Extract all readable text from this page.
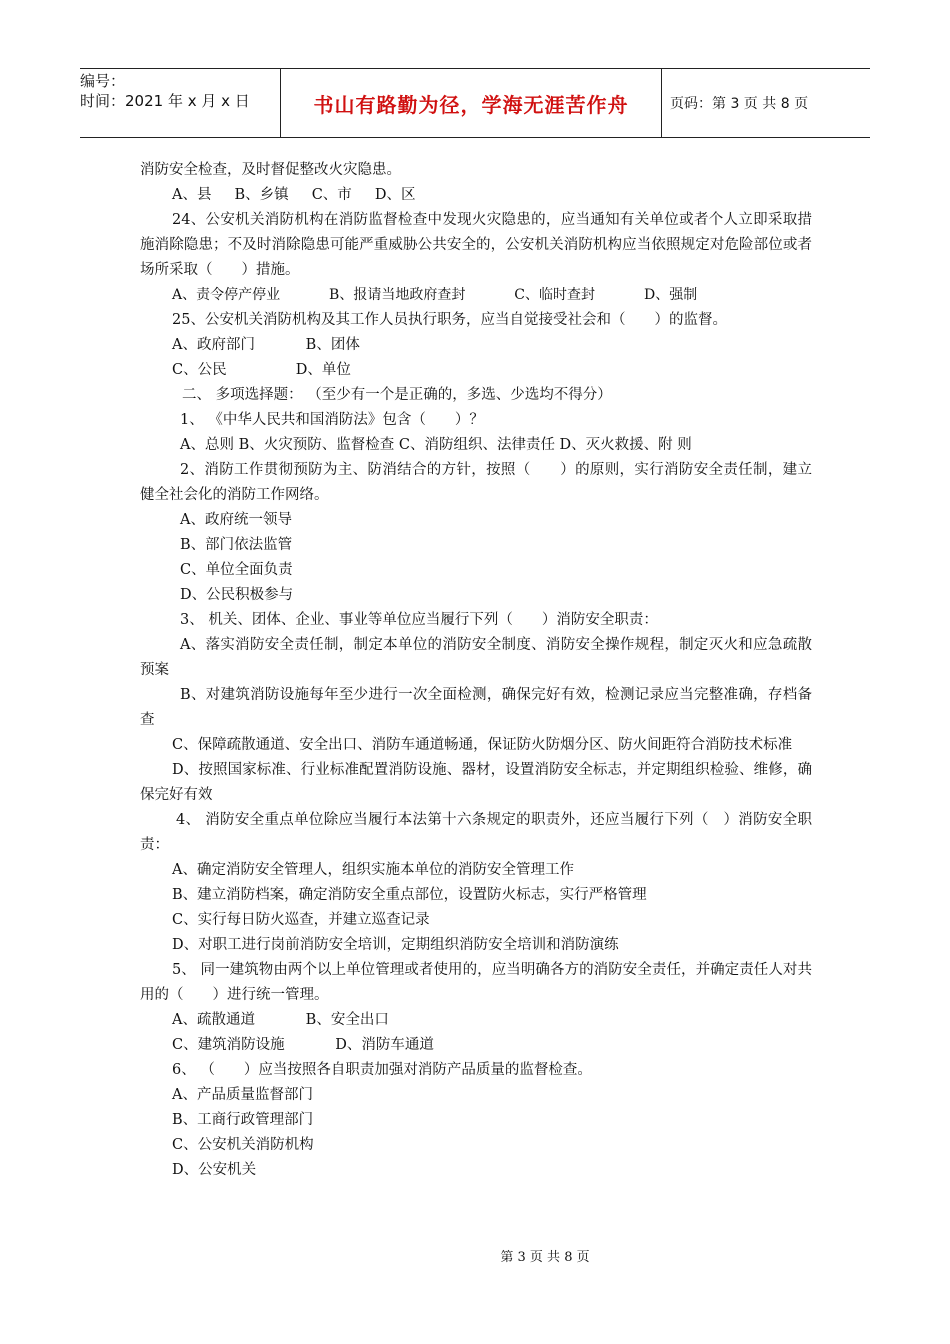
编号：
时间：2021 年 x 月 x 日	书山有路勤为径，学海无涯苦作舟	页码：第 3 页 共 8 页

消防安全检查，及时督促整改火灾隐患。

A、县     B、乡镇     C、市     D、区

24、公安机关消防机构在消防监督检查中发现火灾隐患的，应当通知有关单位或者个人立即采取措施消除隐患；不及时消除隐患可能严重威胁公共安全的，公安机关消防机构应当依照规定对危险部位或者场所采取（　　）措施。

A、责令停产停业           B、报请当地政府查封           C、临时查封           D、强制

25、公安机关消防机构及其工作人员执行职务，应当自觉接受社会和（　　）的监督。

A、政府部门           B、团体

C、公民               D、单位

二、 多项选择题： （至少有一个是正确的，多选、少选均不得分）

1、 《中华人民共和国消防法》包含（　　）？

A、总则 B、火灾预防、监督检查 C、消防组织、法律责任 D、灭火救援、附 则

2、消防工作贯彻预防为主、防消结合的方针，按照（　　）的原则，实行消防安全责任制，建立健全社会化的消防工作网络。

A、政府统一领导

B、部门依法监管

C、单位全面负责

D、公民积极参与

3、 机关、团体、企业、事业等单位应当履行下列（　　）消防安全职责：

A、落实消防安全责任制，制定本单位的消防安全制度、消防安全操作规程，制定灭火和应急疏散预案

B、对建筑消防设施每年至少进行一次全面检测，确保完好有效，检测记录应当完整准确，存档备查

C、保障疏散通道、安全出口、消防车通道畅通，保证防火防烟分区、防火间距符合消防技术标准

D、按照国家标准、行业标准配置消防设施、器材，设置消防安全标志，并定期组织检验、维修，确保完好有效

4、 消防安全重点单位除应当履行本法第十六条规定的职责外，还应当履行下列（　）消防安全职责：

A、确定消防安全管理人，组织实施本单位的消防安全管理工作

B、建立消防档案，确定消防安全重点部位，设置防火标志，实行严格管理

C、实行每日防火巡查，并建立巡查记录

D、对职工进行岗前消防安全培训，定期组织消防安全培训和消防演练

5、 同一建筑物由两个以上单位管理或者使用的，应当明确各方的消防安全责任，并确定责任人对共用的（　　）进行统一管理。

A、疏散通道           B、安全出口

C、建筑消防设施           D、消防车通道

6、 （　　）应当按照各自职责加强对消防产品质量的监督检查。

A、产品质量监督部门

B、工商行政管理部门

C、公安机关消防机构

D、公安机关

第 3 页 共 8 页
